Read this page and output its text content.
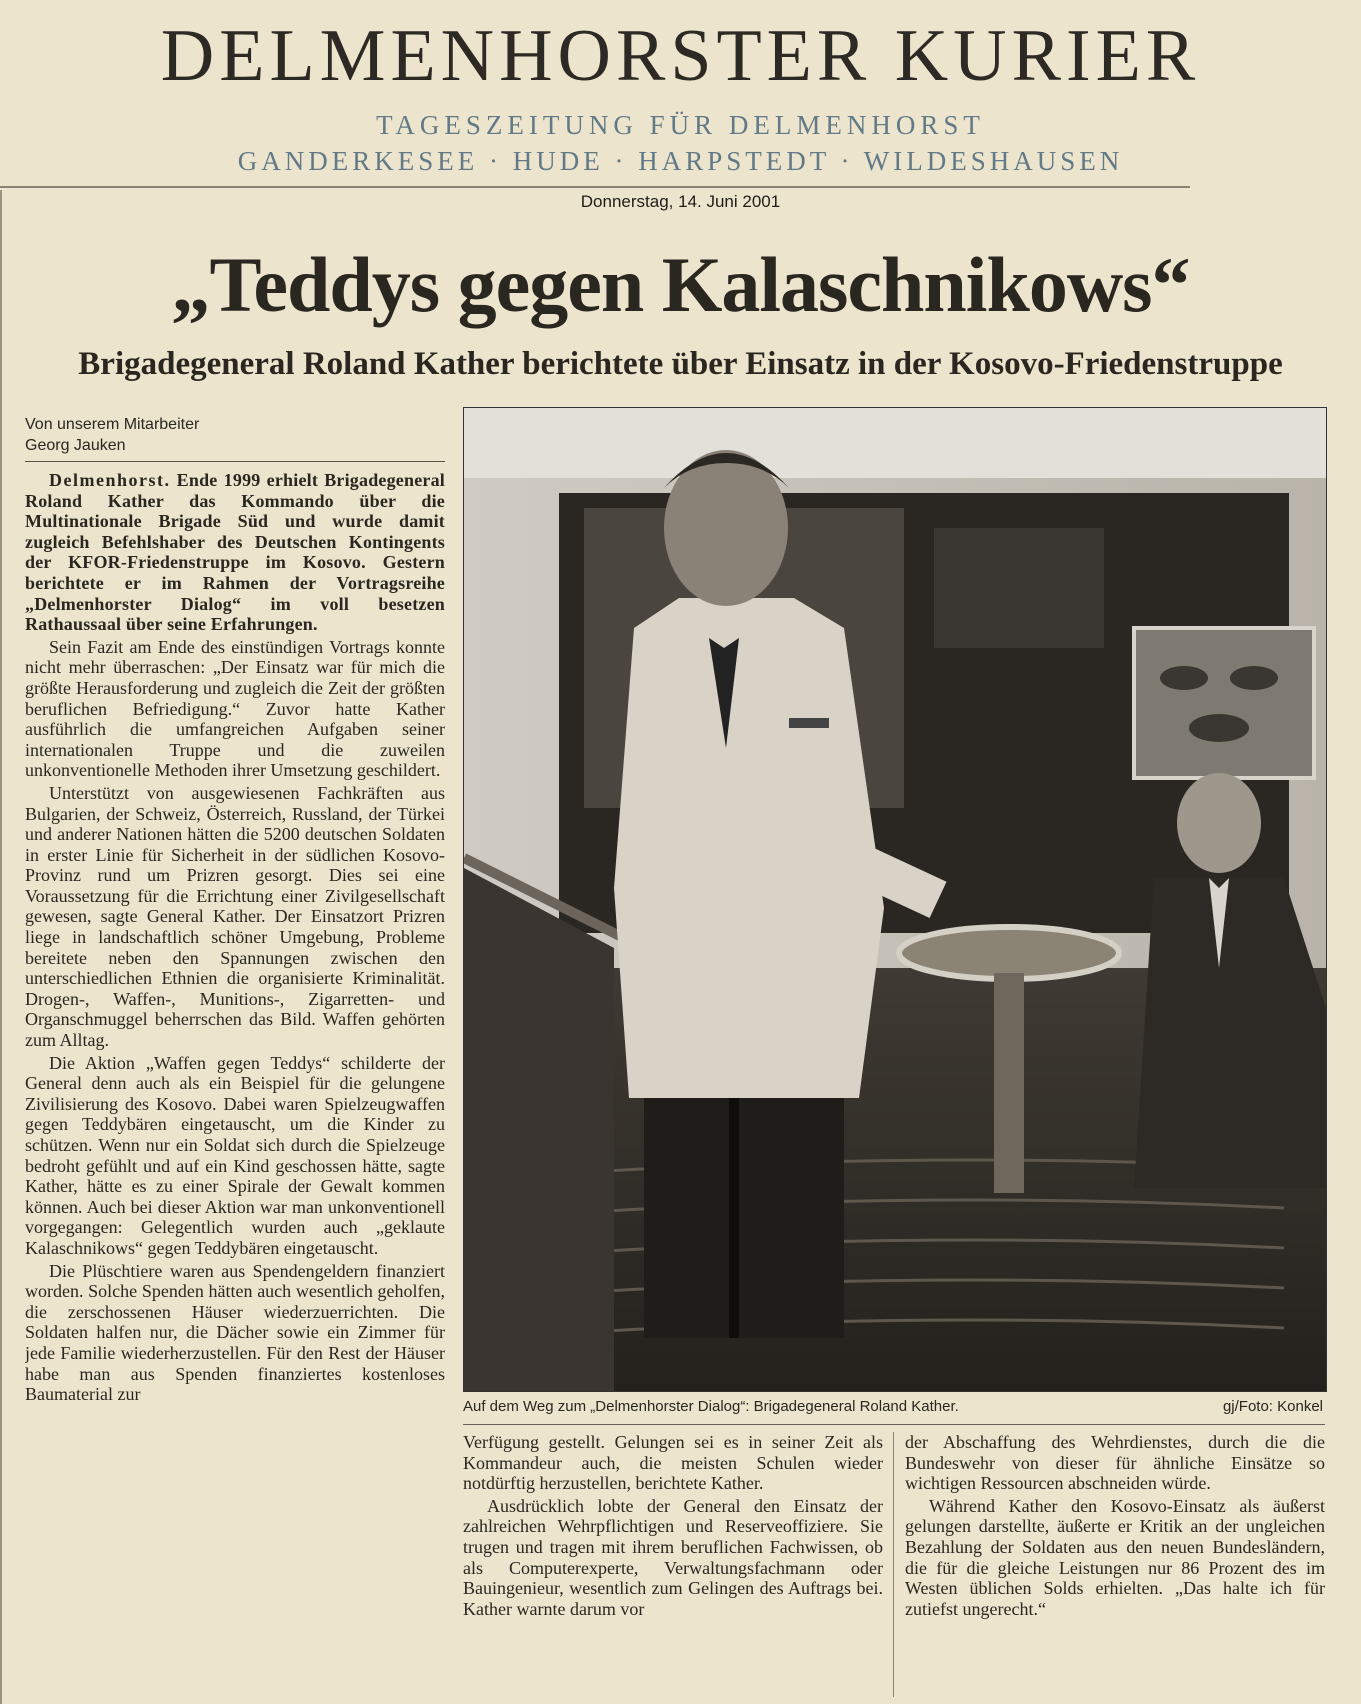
DELMENHORSTER KURIER
TAGESZEITUNG FÜR DELMENHORST
GANDERKESEE · HUDE · HARPSTEDT · WILDESHAUSEN
Donnerstag, 14. Juni 2001
„Teddys gegen Kalaschnikows“
Brigadegeneral Roland Kather berichtete über Einsatz in der Kosovo-Friedenstruppe
Von unserem Mitarbeiter
Georg Jauken

Delmenhorst. Ende 1999 erhielt Brigadegeneral Roland Kather das Kommando über die Multinationale Brigade Süd und wurde damit zugleich Befehlshaber des Deutschen Kontingents der KFOR-Friedenstruppe im Kosovo. Gestern berichtete er im Rahmen der Vortragsreihe „Delmenhorster Dialog“ im voll besetzen Rathaussaal über seine Erfahrungen.

Sein Fazit am Ende des einstündigen Vortrags konnte nicht mehr überraschen: „Der Einsatz war für mich die größte Herausforderung und zugleich die Zeit der größten beruflichen Befriedigung.“ Zuvor hatte Kather ausführlich die umfangreichen Aufgaben seiner internationalen Truppe und die zuweilen unkonventionelle Methoden ihrer Umsetzung geschildert.

Unterstützt von ausgewiesenen Fachkräften aus Bulgarien, der Schweiz, Österreich, Russland, der Türkei und anderer Nationen hätten die 5200 deutschen Soldaten in erster Linie für Sicherheit in der südlichen Kosovo-Provinz rund um Prizren gesorgt. Dies sei eine Voraussetzung für die Errichtung einer Zivilgesellschaft gewesen, sagte General Kather. Der Einsatzort Prizren liege in landschaftlich schöner Umgebung, Probleme bereitete neben den Spannungen zwischen den unterschiedlichen Ethnien die organisierte Kriminalität. Drogen-, Waffen-, Munitions-, Zigarretten- und Organschmuggel beherrschen das Bild. Waffen gehörten zum Alltag.

Die Aktion „Waffen gegen Teddys“ schilderte der General denn auch als ein Beispiel für die gelungene Zivilisierung des Kosovo. Dabei waren Spielzeugwaffen gegen Teddybären eingetauscht, um die Kinder zu schützen. Wenn nur ein Soldat sich durch die Spielzeuge bedroht gefühlt und auf ein Kind geschossen hätte, sagte Kather, hätte es zu einer Spirale der Gewalt kommen können. Auch bei dieser Aktion war man unkonventionell vorgegangen: Gelegentlich wurden auch „geklaute Kalaschnikows“ gegen Teddybären eingetauscht.

Die Plüschtiere waren aus Spendengeldern finanziert worden. Solche Spenden hätten auch wesentlich geholfen, die zerschossenen Häuser wiederzuerrichten. Die Soldaten halfen nur, die Dächer sowie ein Zimmer für jede Familie wiederherzustellen. Für den Rest der Häuser habe man aus Spenden finanziertes kostenloses Baumaterial zur

Auf dem Weg zum „Delmenhorster Dialog“: Brigadegeneral Roland Kather.	gj/Foto: Konkel

Verfügung gestellt. Gelungen sei es in seiner Zeit als Kommandeur auch, die meisten Schulen wieder notdürftig herzustellen, berichtete Kather.

Ausdrücklich lobte der General den Einsatz der zahlreichen Wehrpflichtigen und Reserveoffiziere. Sie trugen und tragen mit ihrem beruflichen Fachwissen, ob als Computerexperte, Verwaltungsfachmann oder Bauingenieur, wesentlich zum Gelingen des Auftrags bei. Kather warnte darum vor

der Abschaffung des Wehrdienstes, durch die die Bundeswehr von dieser für ähnliche Einsätze so wichtigen Ressourcen abschneiden würde.

Während Kather den Kosovo-Einsatz als äußerst gelungen darstellte, äußerte er Kritik an der ungleichen Bezahlung der Soldaten aus den neuen Bundesländern, die für die gleiche Leistungen nur 86 Prozent des im Westen üblichen Solds erhielten. „Das halte ich für zutiefst ungerecht.“
